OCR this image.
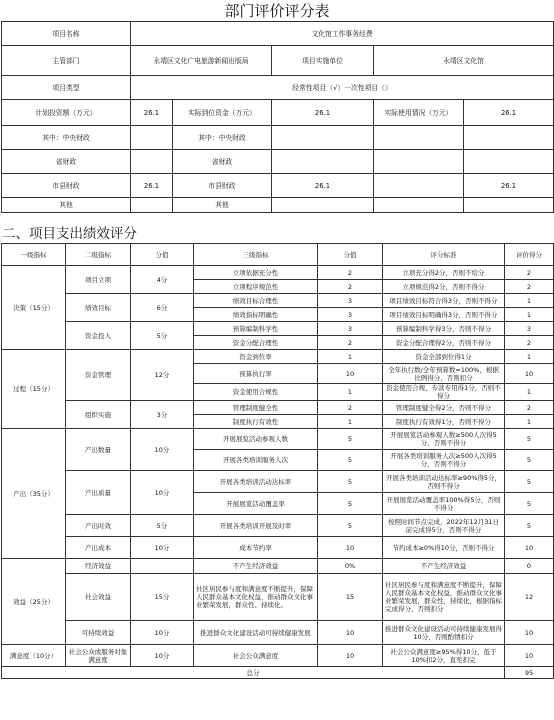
部门评价评分表
项目名称	文化馆工作事务经费				
主管部门	永靖区文化广电旅游新闻出版局		项目实施单位	永靖区文化馆	
项目类型	经常性项目（√）一次性项目（）				
计划投资额（万元）	26.1	实际到位资金（万元）	26.1	实际使用情况（万元）	26.1
其中：中央财政		其中：中央财政			
省财政		省财政			
市县财政	26.1	市县财政	26.1		26.1
其他		其他			
二、项目支出绩效评分
一级指标	二级指标	分值	三级指标	分值	评分标准	评价得分
决策（15分）	项目立项	4分	立项依据充分性	2	立项充分得2分，否则不给分	2
			立项程序规范性	2	立项规范得2分，否则不得分	2
	绩效目标	6分	绩效目标合理性	3	项目绩效目标符合得3分，否则不得分	1
			绩效指标明确性	3	项目绩效目标明确得3分，否则不得分	1
	资金投入	5分	预算编制科学性	3	预算编制科学得3分，否则不得分	3
			资金分配合理性	2	资金分配合理得2分，否则不得分	2
过程（15分）	资金管理	12分	资金到位率	1	资金全部到位得1分	1
			预算执行率	10	全年执行数/全年预算数=100%，根据比例得分，否则扣分	10
			资金使用合规性	1	资金使用合规，专款专用得1分，否则不得分	1
	组织实施	3分	管理制度健全性	2	管理制度健全得2分，否则不得分	2
			制度执行有效性	1	制度执行有效得1分，否则不得分	1
产出（35分）	产出数量	10分	开展展览活动参观人数	5	开展展览活动参观人数≥500人次得5分，否则不得分	5
			开展各类培训服务人次	5	开展各类培训服务人次≥500人次得5分，否则不得分	5
	产出质量	10分	开展各类培训活动达标率	5	开展各类培训活动达标率≥90%得5分，否则不得分	5
			开展展览活动覆盖率	5	开展展览活动覆盖率100%得5分，否则不得分	5
	产出时效	5分	开展各类培训开展及时率	5	按照时间节点完成，2022年12月31日前完成得5分，否则不得分	5
	产出成本	10分	成本节约率	10	节约成本≥0%得10分，否则不得分	10
效益（25分）	经济效益		不产生经济效益	0%	不产生经济效益	0
	社会效益	15分	社区居民参与度和满意度不断提升，保障人民群众基本文化权益，推动群众文化事业繁荣发展，群众性、持续化。	15	社区居民参与度和满意度不断提升，保障人民群众基本文化权益，推动群众文化事业繁荣发展，群众性，持续化，根据指标完成得分，否则扣分	12
	可持续效益	10分	推进群众文化建设活动可持续健康发展	10	推进群众文化建设活动可持续健康发展得10分，否则酌情扣分	10
满意度（10分）	社会公众或服务对象满意度	10分	社会公众满意度	10	社会公众满意度≥95%得10分，低于10%扣2分，直至扣完	10
总分						95
